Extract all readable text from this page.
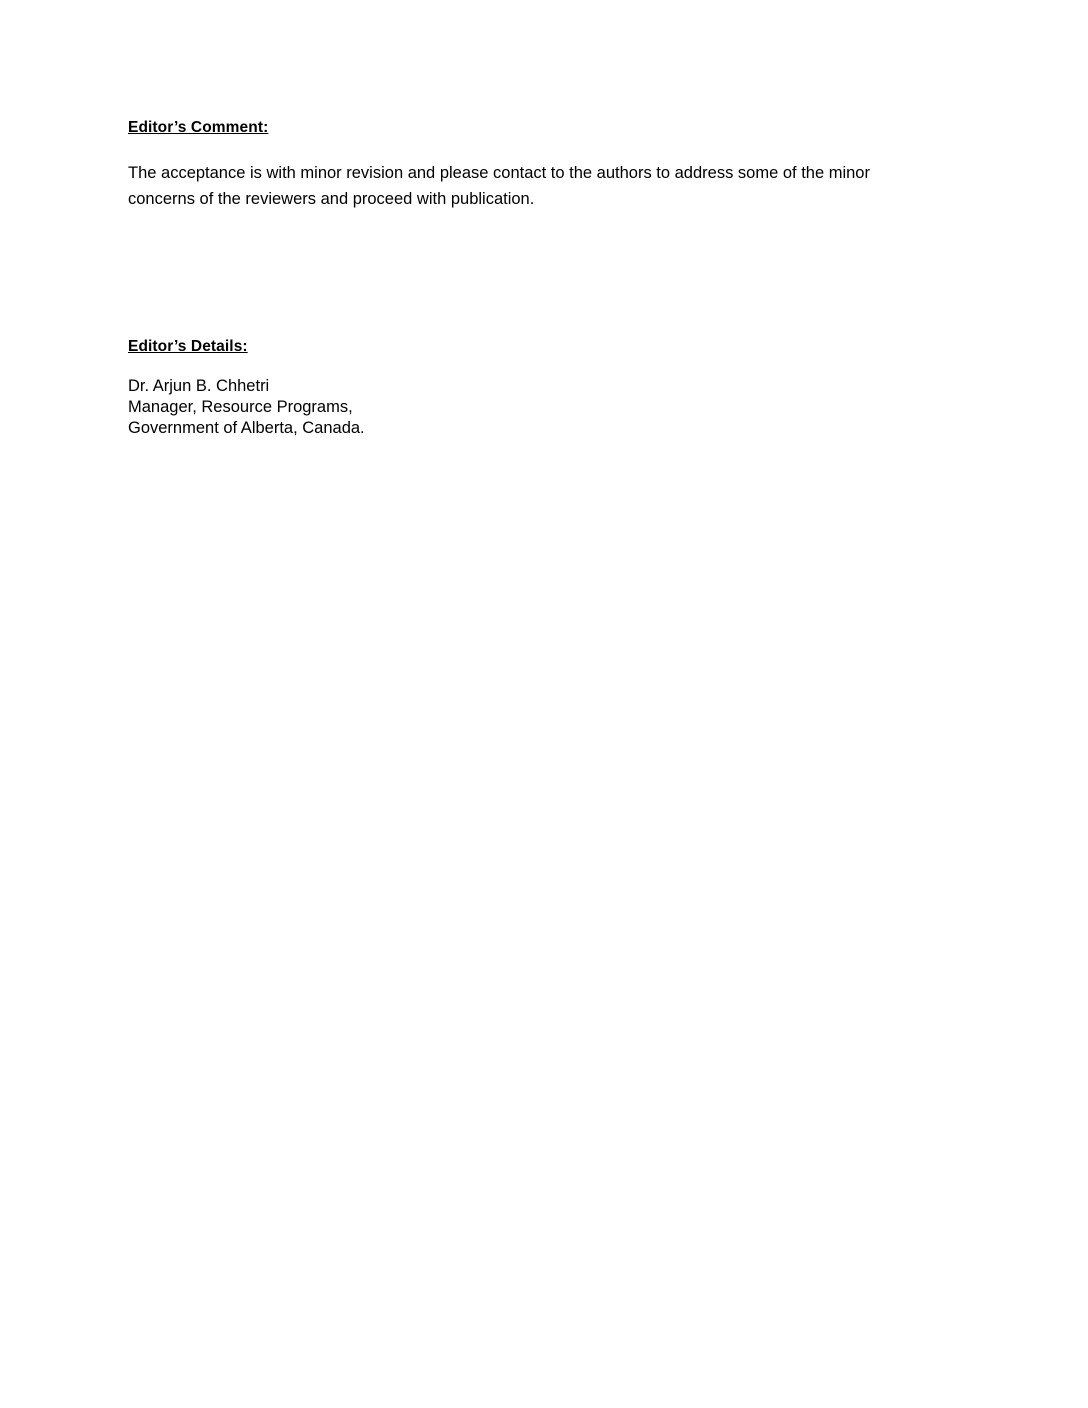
Editor’s Comment:

The acceptance is with minor revision and please contact to the authors to address some of the minor concerns of the reviewers and proceed with publication.

Editor’s Details:

Dr. Arjun B. Chhetri

Manager, Resource Programs,

Government of Alberta, Canada.
